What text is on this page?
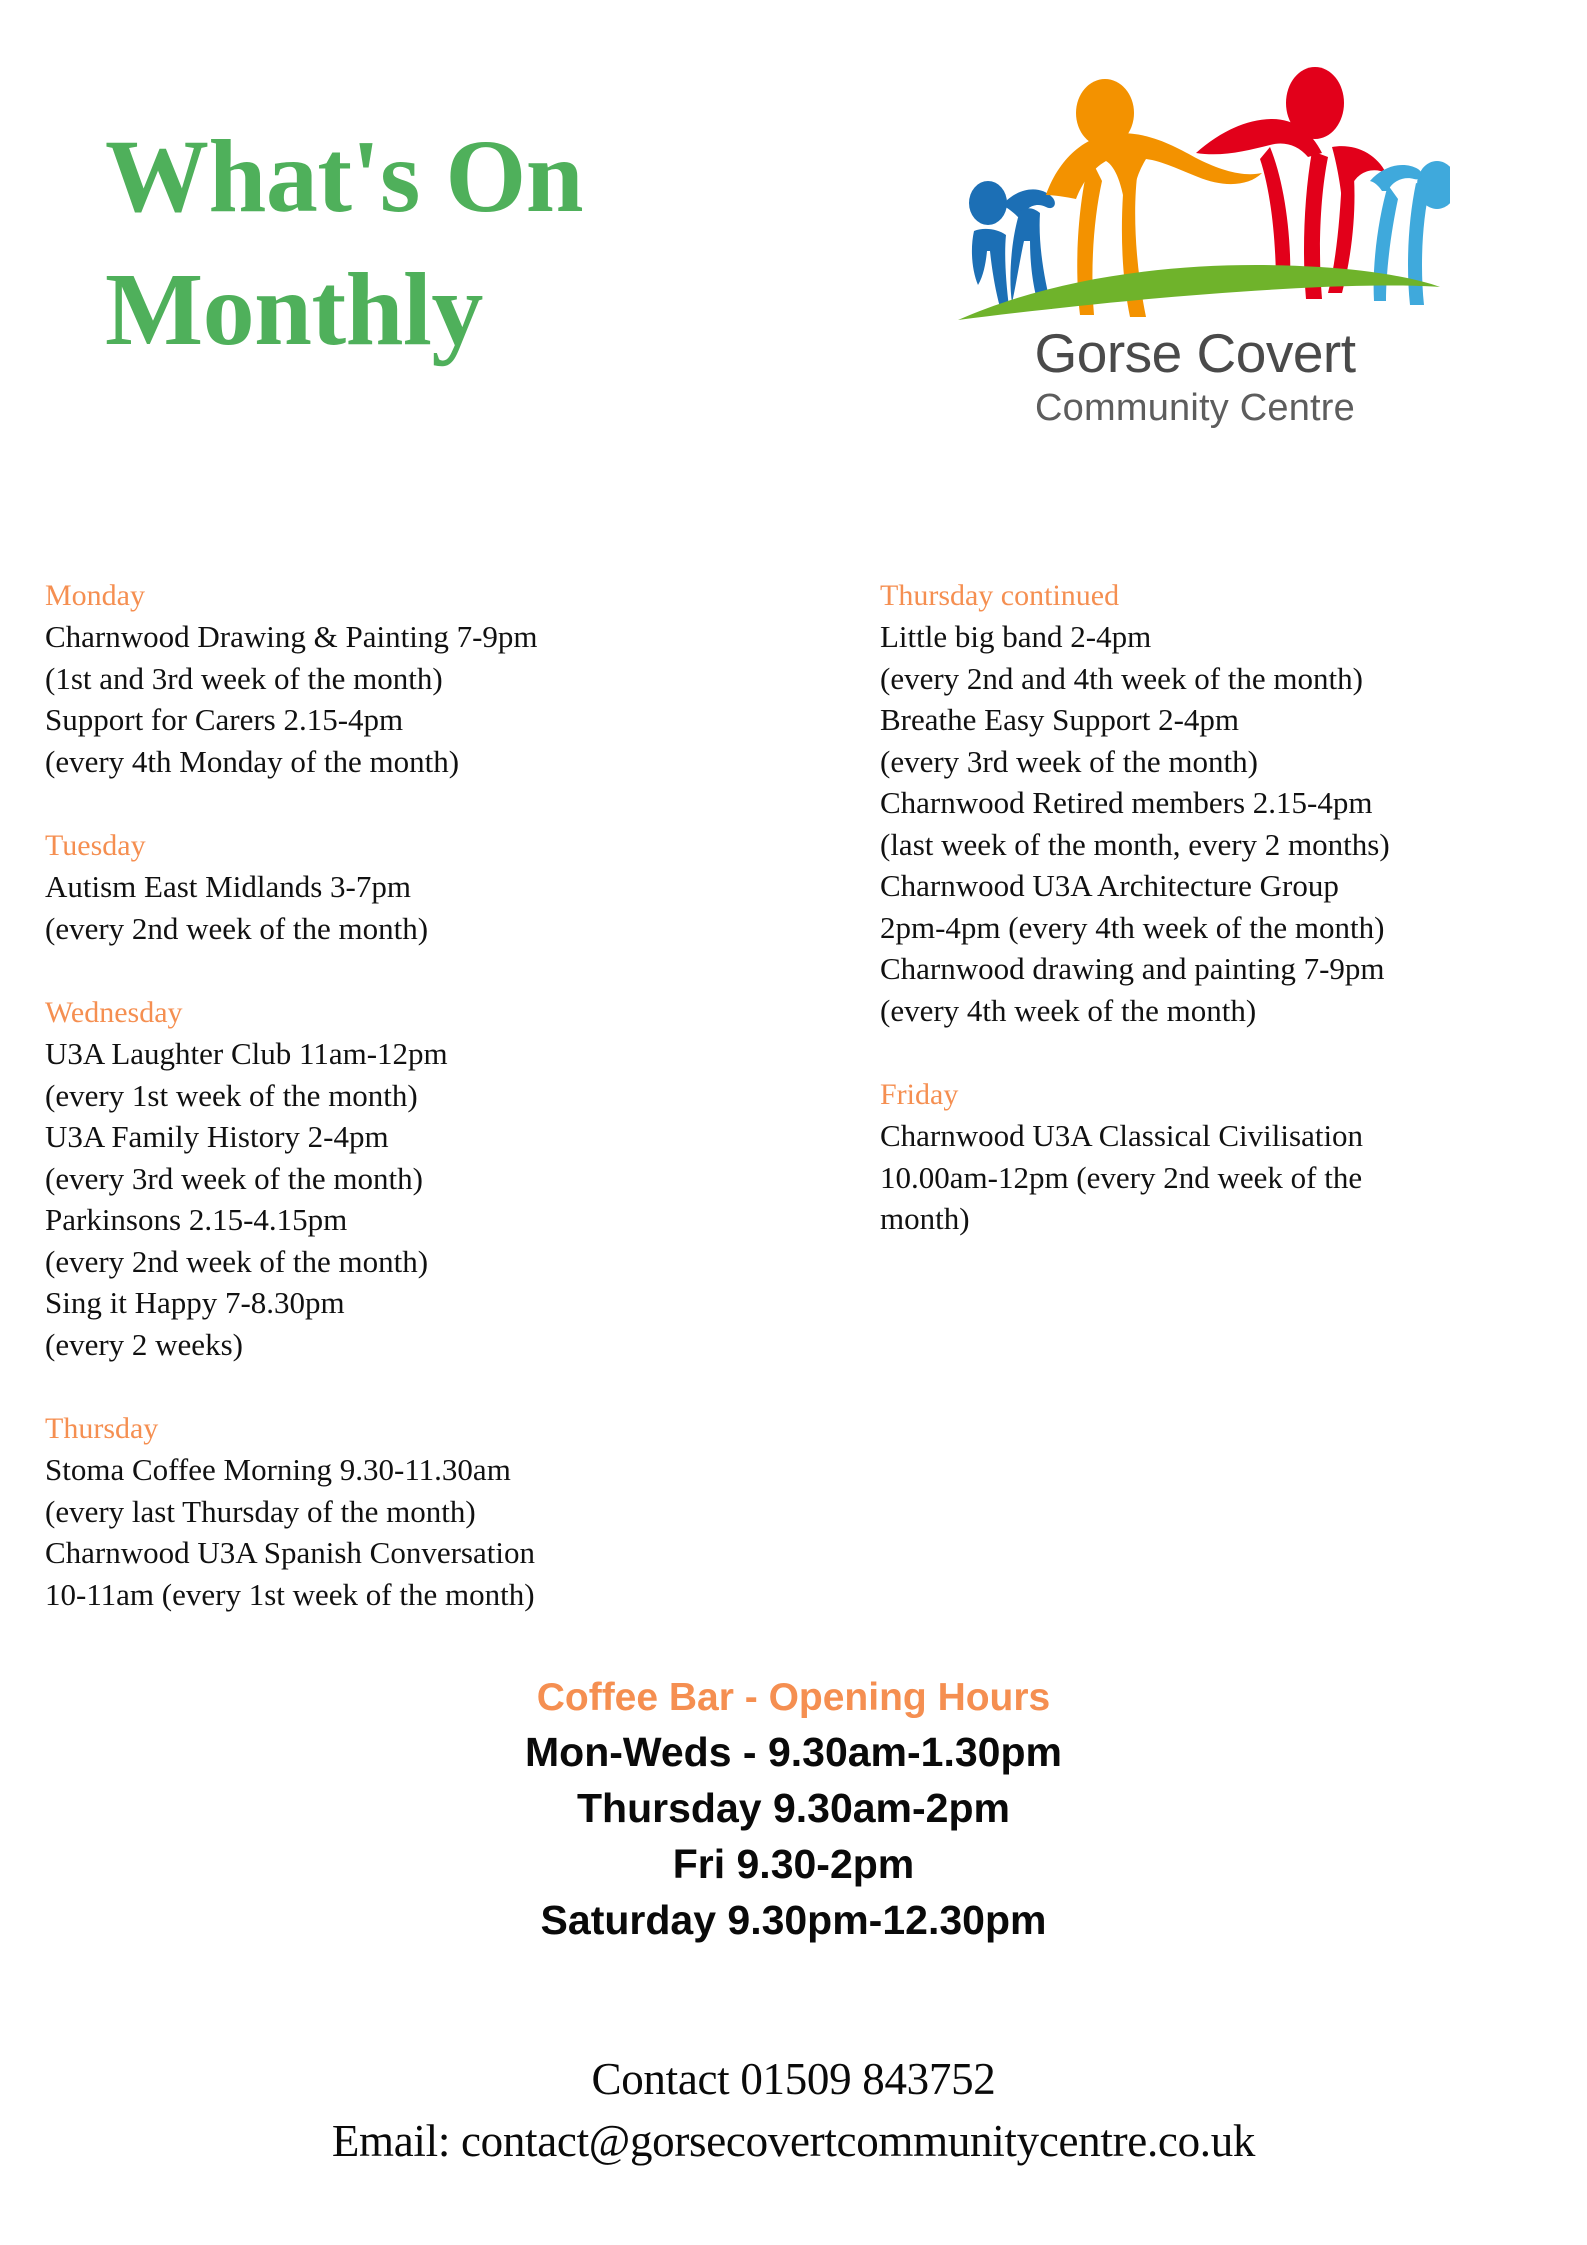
What's On
Monthly	Gorse Covert
Community Centre
Monday
Charnwood Drawing & Painting 7-9pm
(1st and 3rd week of the month)
Support for Carers 2.15-4pm
(every 4th Monday of the month)
Tuesday
Autism East Midlands 3-7pm
(every 2nd week of the month)
Wednesday
U3A Laughter Club 11am-12pm
(every 1st week of the month)
U3A Family History 2-4pm
(every 3rd week of the month)
Parkinsons 2.15-4.15pm
(every 2nd week of the month)
Sing it Happy 7-8.30pm
(every 2 weeks)
Thursday
Stoma Coffee Morning 9.30-11.30am
(every last Thursday of the month)
Charnwood U3A Spanish Conversation
10-11am (every 1st week of the month)
Thursday continued
Little big band 2-4pm
(every 2nd and 4th week of the month)
Breathe Easy Support 2-4pm
(every 3rd week of the month)
Charnwood Retired members 2.15-4pm
(last week of the month, every 2 months)
Charnwood U3A Architecture Group
2pm-4pm (every 4th week of the month)
Charnwood drawing and painting 7-9pm
(every 4th week of the month)
Friday
Charnwood U3A Classical Civilisation
10.00am-12pm (every 2nd week of the
month)
Coffee Bar - Opening Hours
Mon-Weds - 9.30am-1.30pm
Thursday 9.30am-2pm
Fri 9.30-2pm
Saturday 9.30pm-12.30pm
Contact 01509 843752
Email: contact@gorsecovertcommunitycentre.co.uk
